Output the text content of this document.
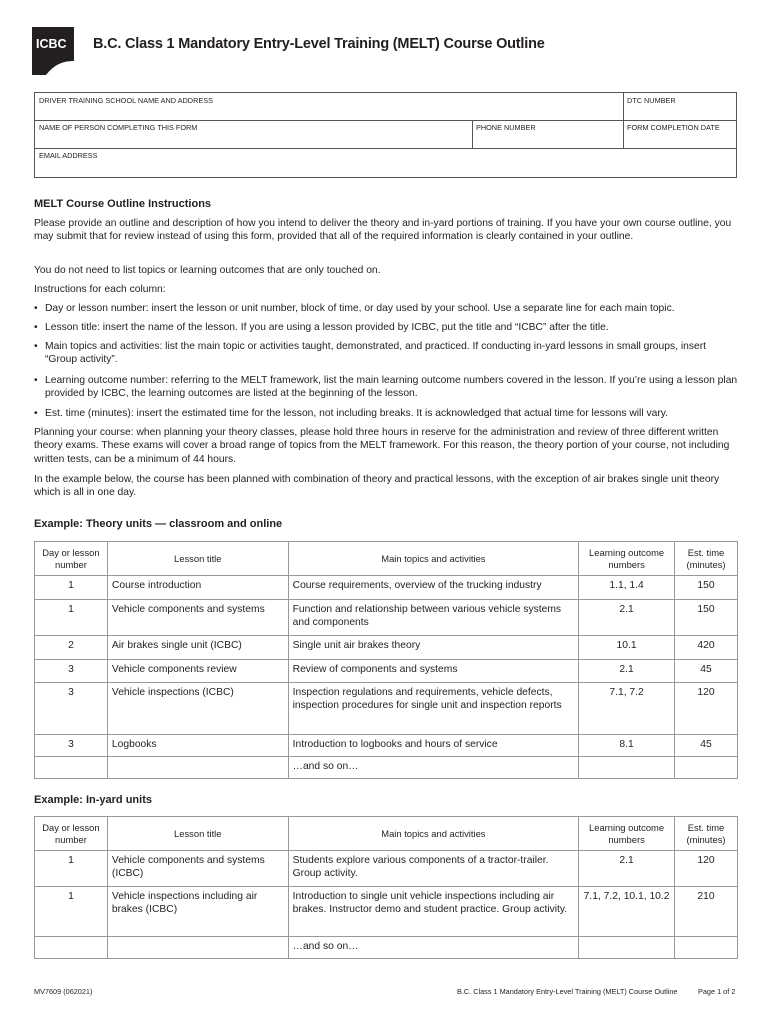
ICBC B.C. Class 1 Mandatory Entry-Level Training (MELT) Course Outline
DRIVER TRAINING SCHOOL NAME AND ADDRESS	DTC NUMBER
NAME OF PERSON COMPLETING THIS FORM	PHONE NUMBER	FORM COMPLETION DATE
EMAIL ADDRESS
MELT Course Outline Instructions
Please provide an outline and description of how you intend to deliver the theory and in-yard portions of training. If you have your own course outline, you may submit that for review instead of using this form, provided that all of the required information is clearly contained in your outline.
You do not need to list topics or learning outcomes that are only touched on.
Instructions for each column:
• Day or lesson number: insert the lesson or unit number, block of time, or day used by your school. Use a separate line for each main topic.
• Lesson title: insert the name of the lesson. If you are using a lesson provided by ICBC, put the title and “ICBC” after the title.
• Main topics and activities: list the main topic or activities taught, demonstrated, and practiced. If conducting in-yard lessons in small groups, insert “Group activity”.
• Learning outcome number: referring to the MELT framework, list the main learning outcome numbers covered in the lesson. If you’re using a lesson plan provided by ICBC, the learning outcomes are listed at the beginning of the lesson.
• Est. time (minutes): insert the estimated time for the lesson, not including breaks. It is acknowledged that actual time for lessons will vary.
Planning your course: when planning your theory classes, please hold three hours in reserve for the administration and review of three different written theory exams. These exams will cover a broad range of topics from the MELT framework. For this reason, the theory portion of your course, not including written tests, can be a minimum of 44 hours.
In the example below, the course has been planned with combination of theory and practical lessons, with the exception of air brakes single unit theory which is all in one day.
Example: Theory units — classroom and online
Day or lesson number	Lesson title	Main topics and activities	Learning outcome numbers	Est. time (minutes)
1	Course introduction	Course requirements, overview of the trucking industry	1.1, 1.4	150
1	Vehicle components and systems	Function and relationship between various vehicle systems and components	2.1	150
2	Air brakes single unit (ICBC)	Single unit air brakes theory	10.1	420
3	Vehicle components review	Review of components and systems	2.1	45
3	Vehicle inspections (ICBC)	Inspection regulations and requirements, vehicle defects, inspection procedures for single unit and inspection reports	7.1, 7.2	120
3	Logbooks	Introduction to logbooks and hours of service	8.1	45
		…and so on…		
Example: In-yard units
Day or lesson number	Lesson title	Main topics and activities	Learning outcome numbers	Est. time (minutes)
1	Vehicle components and systems (ICBC)	Students explore various components of a tractor-trailer. Group activity.	2.1	120
1	Vehicle inspections including air brakes (ICBC)	Introduction to single unit vehicle inspections including air brakes. Instructor demo and student practice. Group activity.	7.1, 7.2, 10.1, 10.2	210
		…and so on…		
MV7609 (062021)	B.C. Class 1 Mandatory Entry-Level Training (MELT) Course Outline	Page 1 of 2
